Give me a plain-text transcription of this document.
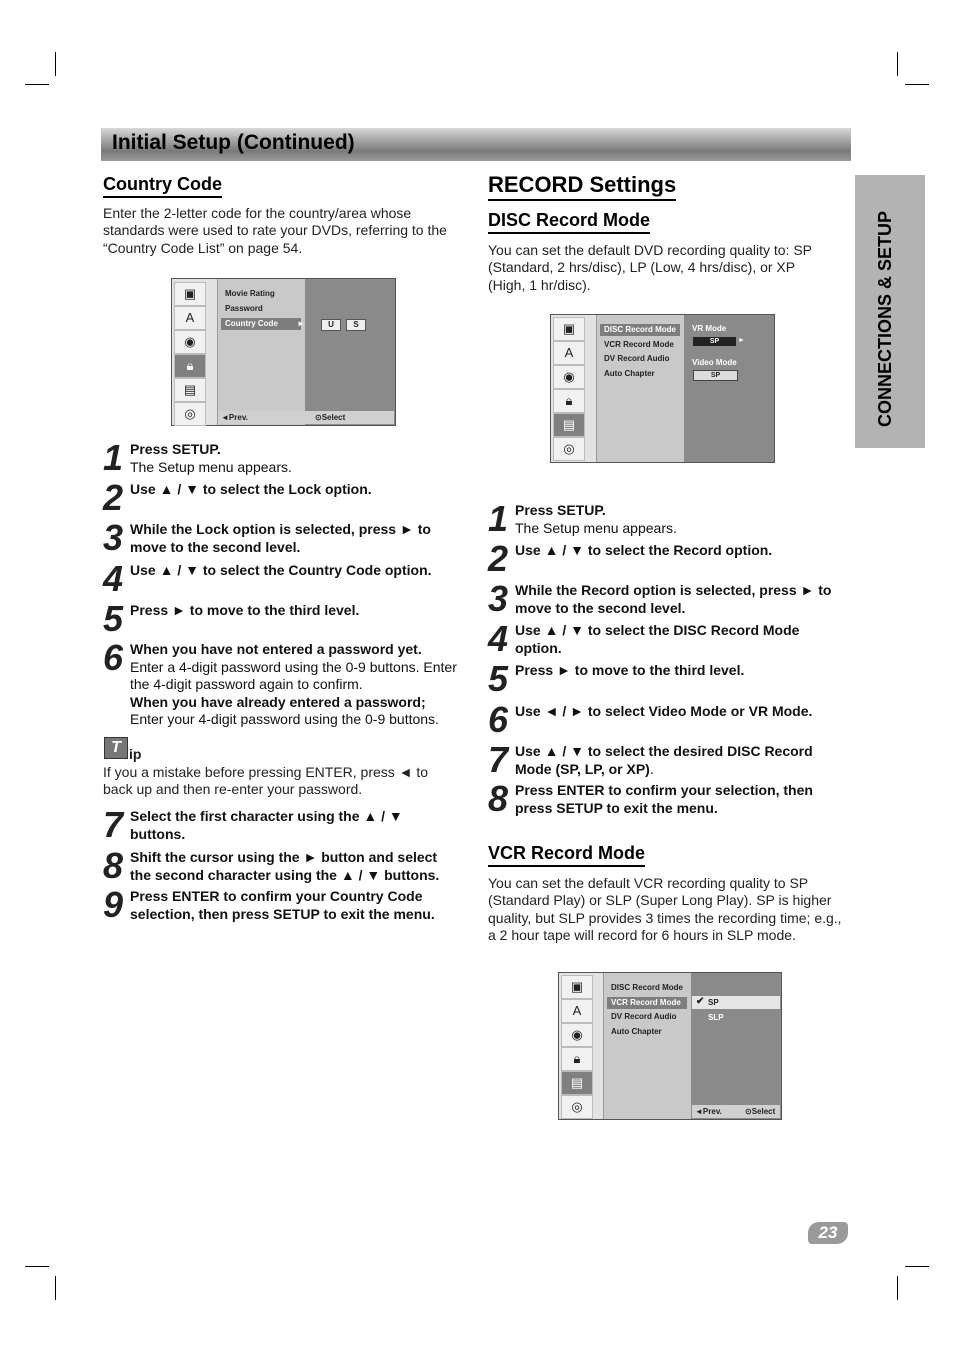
Initial Setup (Continued)
CONNECTIONS & SETUP
Country Code
Enter the 2-letter code for the country/area whose standards were used to rate your DVDs, referring to the “Country Code List” on page 54.
▣
A
◉
🔒︎
▤
◎
Movie Rating
Password
Country Code	►	U	S
◄Prev.	⊙Select
1 Press SETUP.
The Setup menu appears.
2 Use ▲ / ▼ to select the Lock option.
3 While the Lock option is selected, press ► to move to the second level.
4 Use ▲ / ▼ to select the Country Code option.
5 Press ► to move to the third level.
6 When you have not entered a password yet.
Enter a 4-digit password using the 0-9 buttons. Enter the 4-digit password again to confirm.
When you have already entered a password;
Enter your 4-digit password using the 0-9 buttons.
T ip
If you a mistake before pressing ENTER, press ◄ to back up and then re-enter your password.
7 Select the first character using the ▲ / ▼ buttons.
8 Shift the cursor using the ► button and select the second character using the ▲ / ▼ buttons.
9 Press ENTER to confirm your Country Code selection, then press SETUP to exit the menu.
RECORD Settings
DISC Record Mode
You can set the default DVD recording quality to: SP (Standard, 2 hrs/disc), LP (Low, 4 hrs/disc), or XP (High, 1 hr/disc).
▣
A
◉
🔒︎
▤
◎
DISC Record Mode
VCR Record Mode
DV Record Audio
Auto Chapter
VR Mode
SP	►
Video Mode
SP
1 Press SETUP.
The Setup menu appears.
2 Use ▲ / ▼ to select the Record option.
3 While the Record option is selected, press ► to move to the second level.
4 Use ▲ / ▼ to select the DISC Record Mode option.
5 Press ► to move to the third level.
6 Use ◄ / ► to select Video Mode or VR Mode.
7 Use ▲ / ▼ to select the desired DISC Record Mode (SP, LP, or XP).
8 Press ENTER to confirm your selection, then press SETUP to exit the menu.
VCR Record Mode
You can set the default VCR recording quality to SP (Standard Play) or SLP (Super Long Play). SP is higher quality, but SLP provides 3 times the recording time; e.g., a 2 hour tape will record for 6 hours in SLP mode.
▣
A
◉
🔒︎
▤
◎
DISC Record Mode
VCR Record Mode
DV Record Audio
Auto Chapter
✔ SP
SLP
◄Prev.	⊙Select
23
